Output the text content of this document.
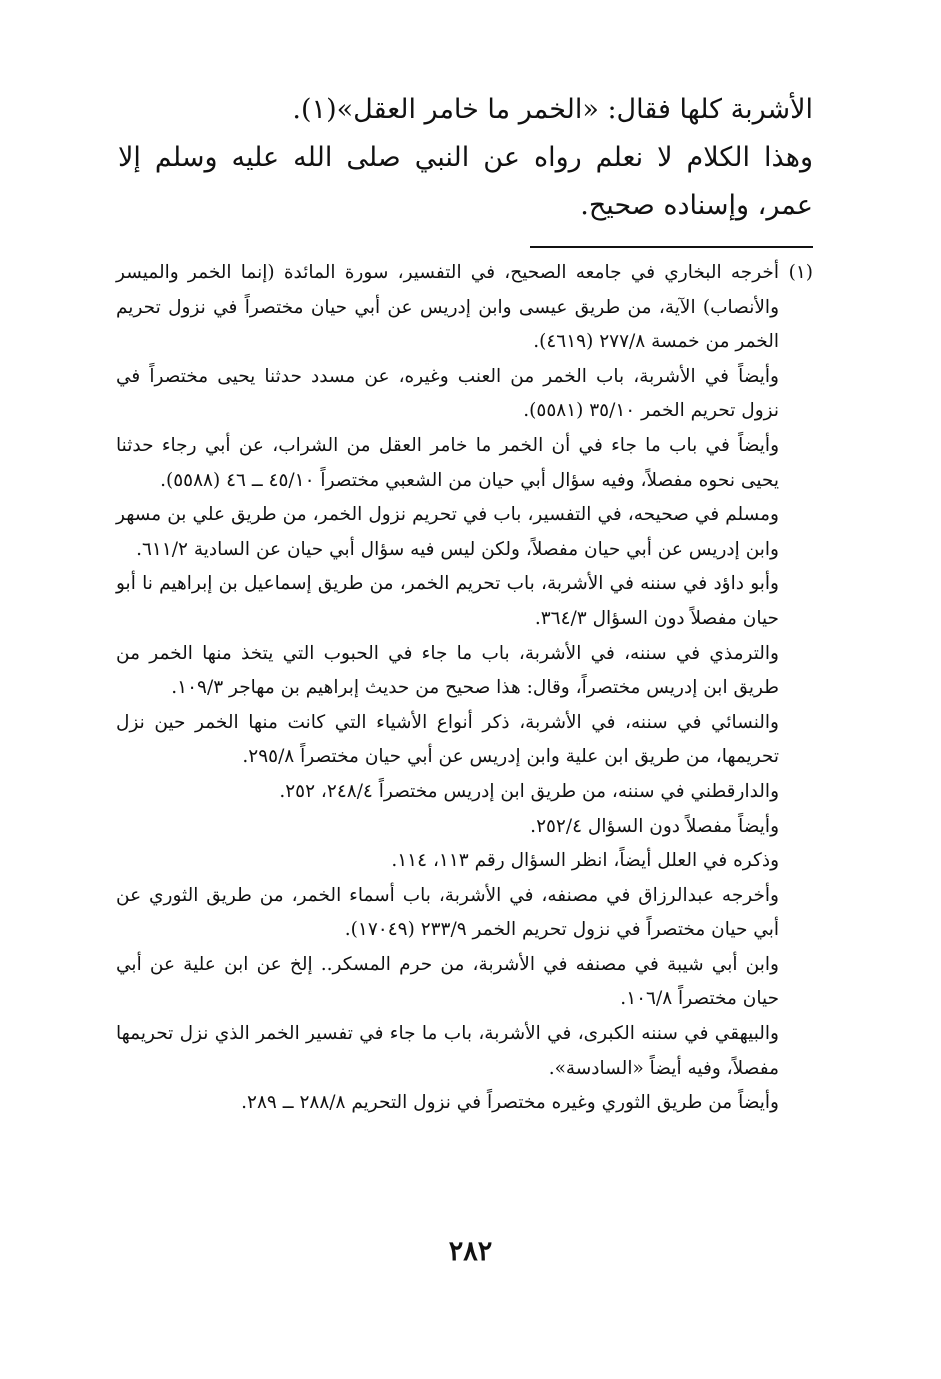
الأشربة كلها فقال: «الخمر ما خامر العقل»(١).

وهذا الكلام لا نعلم رواه عن النبي صلى الله عليه وسلم إلا عمر، وإسناده صحيح.

(١)

أخرجه البخاري في جامعه الصحيح، في التفسير، سورة المائدة (إنما الخمر والميسر والأنصاب) الآية، من طريق عيسى وابن إدريس عن أبي حيان مختصراً في نزول تحريم الخمر من خمسة ٢٧٧/٨ (٤٦١٩).

وأيضاً في الأشربة، باب الخمر من العنب وغيره، عن مسدد حدثنا يحيى مختصراً في نزول تحريم الخمر ٣٥/١٠ (٥٥٨١).

وأيضاً في باب ما جاء في أن الخمر ما خامر العقل من الشراب، عن أبي رجاء حدثنا يحيى نحوه مفصلاً، وفيه سؤال أبي حيان من الشعبي مختصراً ٤٥/١٠ ــ ٤٦ (٥٥٨٨).

ومسلم في صحيحه، في التفسير، باب في تحريم نزول الخمر، من طريق علي بن مسهر وابن إدريس عن أبي حيان مفصلاً، ولكن ليس فيه سؤال أبي حيان عن السادية ٦١١/٢.

وأبو داؤد في سننه في الأشربة، باب تحريم الخمر، من طريق إسماعيل بن إبراهيم نا أبو حيان مفصلاً دون السؤال ٣٦٤/٣.

والترمذي في سننه، في الأشربة، باب ما جاء في الحبوب التي يتخذ منها الخمر من طريق ابن إدريس مختصراً، وقال: هذا صحيح من حديث إبراهيم بن مهاجر ١٠٩/٣.

والنسائي في سننه، في الأشربة، ذكر أنواع الأشياء التي كانت منها الخمر حين نزل تحريمها، من طريق ابن علية وابن إدريس عن أبي حيان مختصراً ٢٩٥/٨.

والدارقطني في سننه، من طريق ابن إدريس مختصراً ٢٤٨/٤، ٢٥٢.

وأيضاً مفصلاً دون السؤال ٢٥٢/٤.

وذكره في العلل أيضاً، انظر السؤال رقم ١١٣، ١١٤.

وأخرجه عبدالرزاق في مصنفه، في الأشربة، باب أسماء الخمر، من طريق الثوري عن أبي حيان مختصراً في نزول تحريم الخمر ٢٣٣/٩ (١٧٠٤٩).

وابن أبي شيبة في مصنفه في الأشربة، من حرم المسكر.. إلخ عن ابن علية عن أبي حيان مختصراً ١٠٦/٨.

والبيهقي في سننه الكبرى، في الأشربة، باب ما جاء في تفسير الخمر الذي نزل تحريمها مفصلاً، وفيه أيضاً «السادسة».

وأيضاً من طريق الثوري وغيره مختصراً في نزول التحريم ٢٨٨/٨ ــ ٢٨٩.

٢٨٢
